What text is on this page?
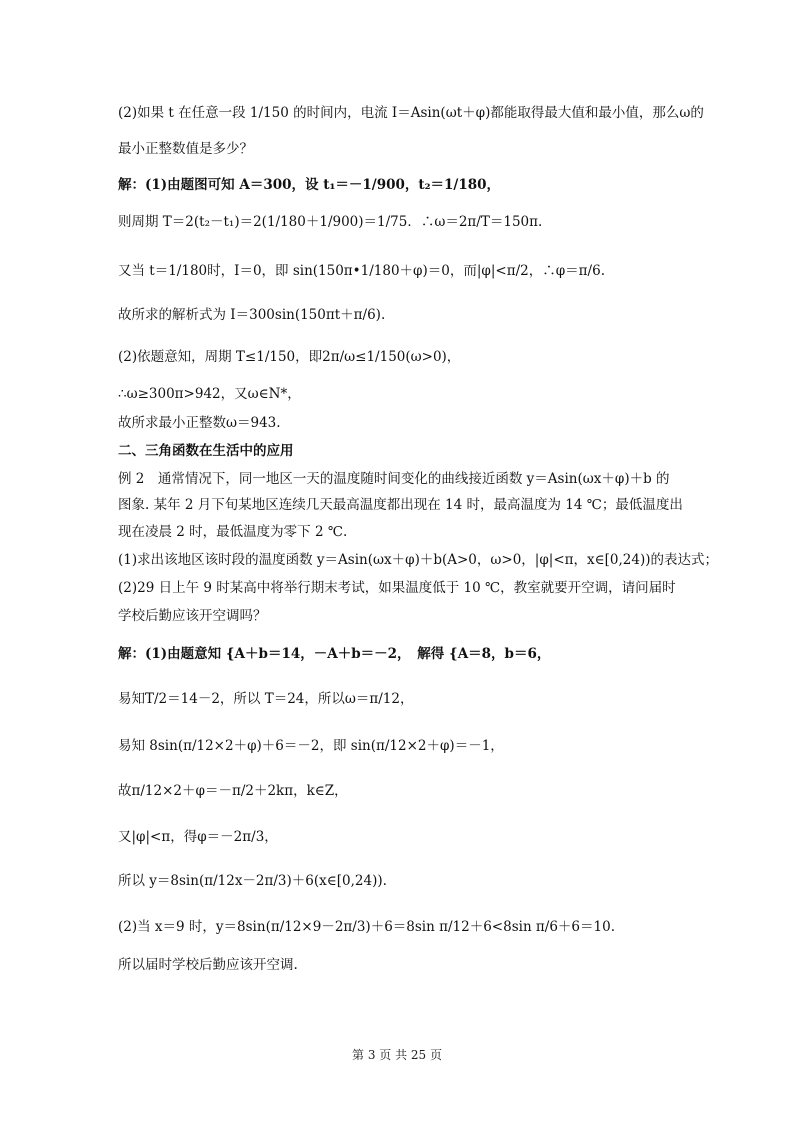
(2)如果 t 在任意一段 1/150 的时间内，电流 I＝Asin(ωt＋φ)都能取得最大值和最小值，那么ω的
最小正整数值是多少？
解：(1)由题图可知 A＝300，设 t₁＝－1/900，t₂＝1/180，
则周期 T＝2(t₂－t₁)＝2(1/180＋1/900)＝1/75．∴ω＝2π/T＝150π.
又当 t＝1/180时，I＝0，即 sin(150π•1/180＋φ)＝0，而|φ|<π/2，∴φ＝π/6.
故所求的解析式为 I＝300sin(150πt＋π/6).
(2)依题意知，周期 T≤1/150，即2π/ω≤1/150(ω>0)，
∴ω≥300π>942，又ω∈N*，
故所求最小正整数ω＝943.
二、三角函数在生活中的应用
例 2　通常情况下，同一地区一天的温度随时间变化的曲线接近函数 y＝Asin(ωx＋φ)＋b 的
图象. 某年 2 月下旬某地区连续几天最高温度都出现在 14 时，最高温度为 14 ℃；最低温度出
现在凌晨 2 时，最低温度为零下 2 ℃.
(1)求出该地区该时段的温度函数 y＝Asin(ωx＋φ)＋b(A>0，ω>0，|φ|<π，x∈[0,24))的表达式；
(2)29 日上午 9 时某高中将举行期末考试，如果温度低于 10 ℃，教室就要开空调，请问届时
学校后勤应该开空调吗？
解：(1)由题意知 {A＋b＝14，－A＋b＝－2，　解得 {A＝8，b＝6，
易知T/2＝14－2，所以 T＝24，所以ω＝π/12，
易知 8sin(π/12×2＋φ)＋6＝－2，即 sin(π/12×2＋φ)＝－1，
故π/12×2＋φ＝－π/2＋2kπ，k∈Z，
又|φ|<π，得φ＝－2π/3，
所以 y＝8sin(π/12x－2π/3)＋6(x∈[0,24)).
(2)当 x＝9 时，y＝8sin(π/12×9－2π/3)＋6＝8sin π/12＋6<8sin π/6＋6＝10.
所以届时学校后勤应该开空调.
第 3 页 共 25 页
